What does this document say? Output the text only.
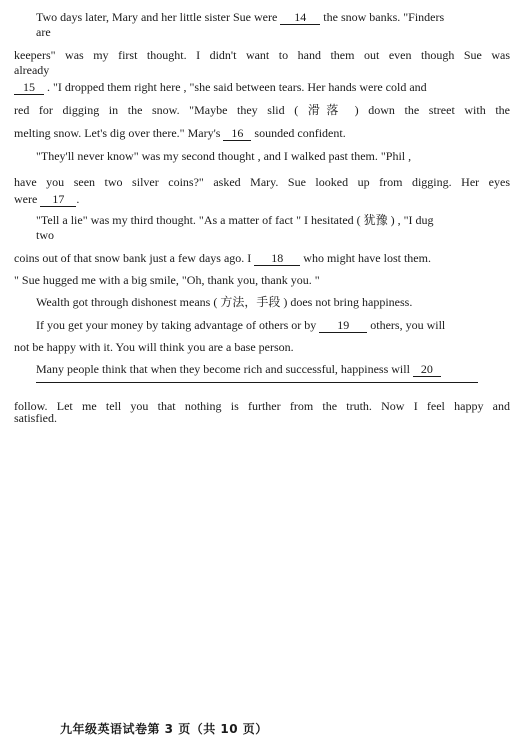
Two days later, Mary and her little sister Sue were 14 the snow banks. "Finders
are
keepers" was my first thought. I didn't want to hand them out even though Sue was
already
15 . "I dropped them right here , "she said between tears. Her hands were cold and
red for digging in the snow. "Maybe they slid ( 滑落 ) down the street with the
melting snow. Let's dig over there." Mary's 16 sounded confident.
"They'll never know" was my second thought , and I walked past them. "Phil ,
have you seen two silver coins?" asked Mary. Sue looked up from digging. Her eyes
were 17 .
"Tell a lie" was my third thought. "As a matter of fact " I hesitated ( 犹豫 ) , "I dug
two
coins out of that snow bank just a few days ago. I 18 who might have lost them.
" Sue hugged me with a big smile, "Oh, thank you, thank you. "
Wealth got through dishonest means ( 方法，手段 ) does not bring happiness.
If you get your money by taking advantage of others or by 19 others, you will
not be happy with it. You will think you are a base person.
Many people think that when they become rich and successful, happiness will 20
follow. Let me tell you that nothing is further from the truth. Now I feel happy and
satisfied.
九年级英语试卷第 3 页（共 10 页）
